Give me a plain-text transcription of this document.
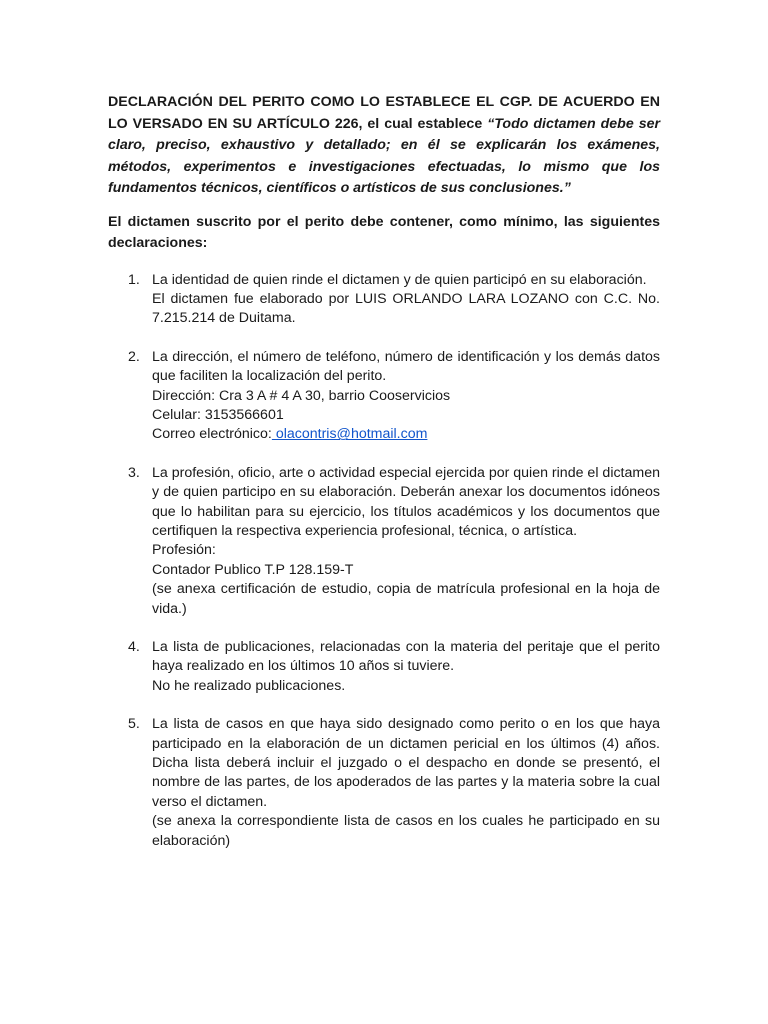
DECLARACIÓN DEL PERITO COMO LO ESTABLECE EL CGP. DE ACUERDO EN LO VERSADO EN SU ARTÍCULO 226, el cual establece “Todo dictamen debe ser claro, preciso, exhaustivo y detallado; en él se explicarán los exámenes, métodos, experimentos e investigaciones efectuadas, lo mismo que los fundamentos técnicos, científicos o artísticos de sus conclusiones.”

El dictamen suscrito por el perito debe contener, como mínimo, las siguientes declaraciones:

1. La identidad de quien rinde el dictamen y de quien participó en su elaboración.

El dictamen fue elaborado por LUIS ORLANDO LARA LOZANO con C.C. No. 7.215.214 de Duitama.

2. La dirección, el número de teléfono, número de identificación y los demás datos que faciliten la localización del perito.

Dirección: Cra 3 A # 4 A 30, barrio Cooservicios

Celular: 3153566601

Correo electrónico: olacontris@hotmail.com

3. La profesión, oficio, arte o actividad especial ejercida por quien rinde el dictamen y de quien participo en su elaboración. Deberán anexar los documentos idóneos que lo habilitan para su ejercicio, los títulos académicos y los documentos que certifiquen la respectiva experiencia profesional, técnica, o artística.

Profesión:

Contador Publico T.P 128.159-T

(se anexa certificación de estudio, copia de matrícula profesional en la hoja de vida.)

4. La lista de publicaciones, relacionadas con la materia del peritaje que el perito haya realizado en los últimos 10 años si tuviere.

No he realizado publicaciones.

5. La lista de casos en que haya sido designado como perito o en los que haya participado en la elaboración de un dictamen pericial en los últimos (4) años. Dicha lista deberá incluir el juzgado o el despacho en donde se presentó, el nombre de las partes, de los apoderados de las partes y la materia sobre la cual verso el dictamen.

(se anexa la correspondiente lista de casos en los cuales he participado en su elaboración)
